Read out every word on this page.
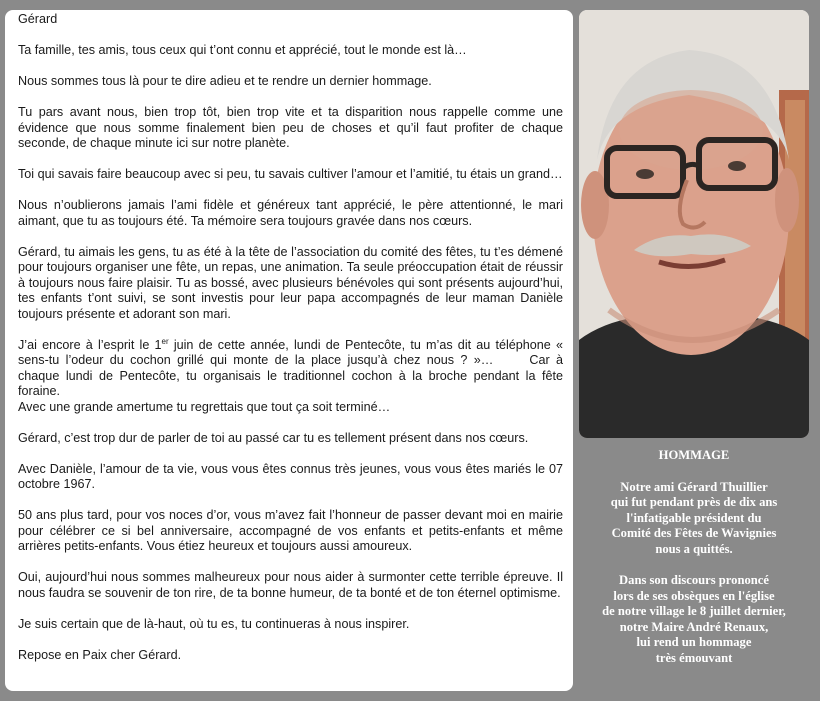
Gérard

Ta famille, tes amis, tous ceux qui t’ont connu et apprécié, tout le monde est là…

Nous sommes tous là pour te dire adieu et te rendre un dernier hommage.

Tu pars avant nous, bien trop tôt, bien trop vite et ta disparition nous rappelle comme une évidence que nous somme finalement bien peu de choses et qu’il faut profiter de chaque seconde, de chaque minute ici sur notre planète.

Toi qui savais faire beaucoup avec si peu, tu savais cultiver l’amour et l’amitié, tu étais un grand…

Nous n’oublierons jamais l’ami fidèle et généreux tant apprécié, le père attentionné, le mari aimant, que tu as toujours été. Ta mémoire sera toujours gravée dans nos cœurs.

Gérard, tu aimais les gens, tu as été à la tête de l’association du comité des fêtes, tu t’es démené pour toujours organiser une fête, un repas, une animation. Ta seule préoccupation était de réussir à toujours nous faire plaisir. Tu as bossé, avec plusieurs bénévoles qui sont présents aujourd’hui, tes enfants t’ont suivi, se sont investis pour leur papa accompagnés de leur maman Danièle toujours présente et adorant son mari.

J’ai encore à l’esprit le 1er juin de cette année, lundi de Pentecôte, tu m’as dit au téléphone « sens-tu l’odeur du cochon grillé qui monte de la place jusqu’à chez nous ? »…	Car à chaque lundi de Pentecôte, tu organisais le traditionnel cochon à la broche pendant la fête foraine.

Avec une grande amertume tu regrettais que tout ça soit terminé…

Gérard, c’est trop dur de parler de toi au passé car tu es tellement présent dans nos cœurs.

Avec Danièle, l’amour de ta vie, vous vous êtes connus très jeunes, vous vous êtes mariés le 07 octobre 1967.

50 ans plus tard, pour vos noces d’or, vous m’avez fait l’honneur de passer devant moi en mairie pour célébrer ce si bel anniversaire, accompagné de vos enfants et petits-enfants et même arrières petits-enfants. Vous étiez heureux et toujours aussi amoureux.

Oui, aujourd’hui nous sommes malheureux pour nous aider à surmonter cette terrible épreuve. Il nous faudra se souvenir de ton rire, de ta bonne humeur, de ta bonté et de ton éternel optimisme.

Je suis certain que de là-haut, où tu es, tu continueras à nous inspirer.

Repose en Paix cher Gérard.

HOMMAGE
Notre ami Gérard Thuillier
qui fut pendant près de dix ans
l'infatigable président du
Comité des Fêtes de Wavignies
nous a quittés.
Dans son discours prononcé
lors de ses obsèques en l'église
de notre village le 8 juillet dernier,
notre Maire André Renaux,
lui rend un hommage
très émouvant
